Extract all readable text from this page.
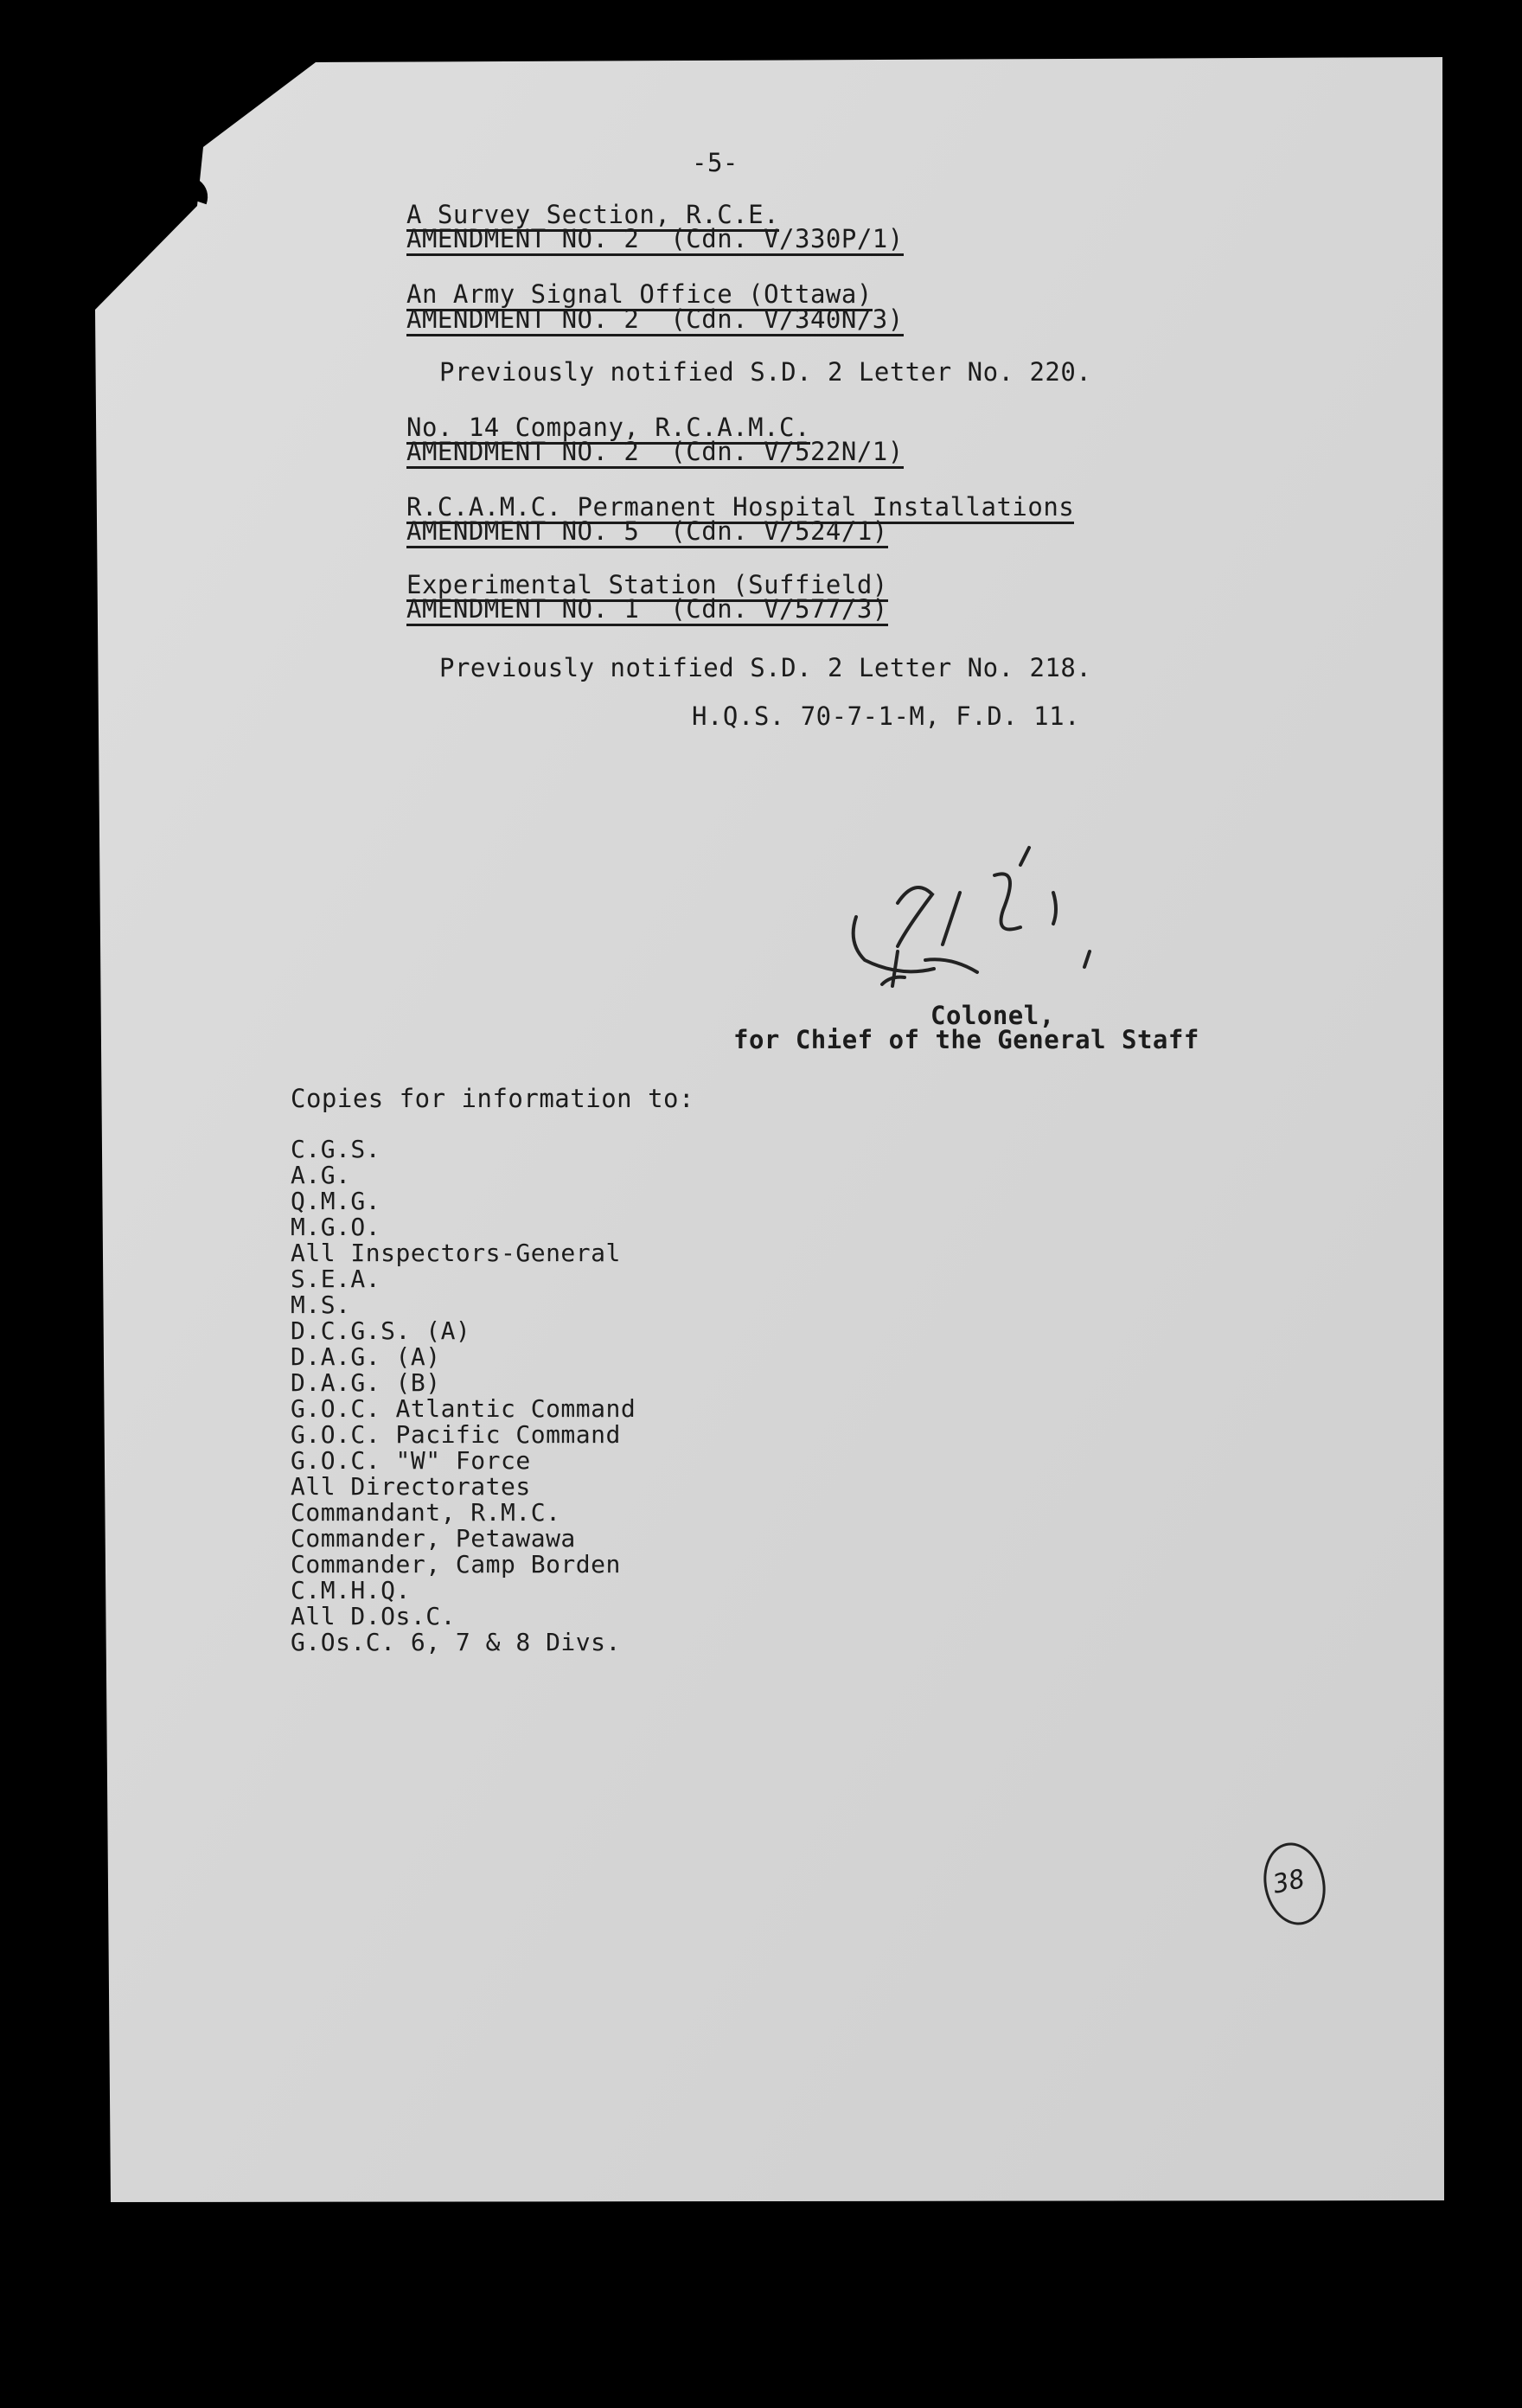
-5-
A Survey Section, R.C.E.
AMENDMENT NO. 2  (Cdn. V/330P/1)
An Army Signal Office (Ottawa)
AMENDMENT NO. 2  (Cdn. V/340N/3)
Previously notified S.D. 2 Letter No. 220.
No. 14 Company, R.C.A.M.C.
AMENDMENT NO. 2  (Cdn. V/522N/1)
R.C.A.M.C. Permanent Hospital Installations
AMENDMENT NO. 5  (Cdn. V/524/1)
Experimental Station (Suffield)
AMENDMENT NO. 1  (Cdn. V/577/3)
Previously notified S.D. 2 Letter No. 218.
H.Q.S. 70-7-1-M, F.D. 11.
Colonel,
for Chief of the General Staff
Copies for information to:
C.G.S.
A.G.
Q.M.G.
M.G.O.
All Inspectors-General
S.E.A.
M.S.
D.C.G.S. (A)
D.A.G. (A)
D.A.G. (B)
G.O.C. Atlantic Command
G.O.C. Pacific Command
G.O.C. "W" Force
All Directorates
Commandant, R.M.C.
Commander, Petawawa
Commander, Camp Borden
C.M.H.Q.
All D.Os.C.
G.Os.C. 6, 7 & 8 Divs.
38
